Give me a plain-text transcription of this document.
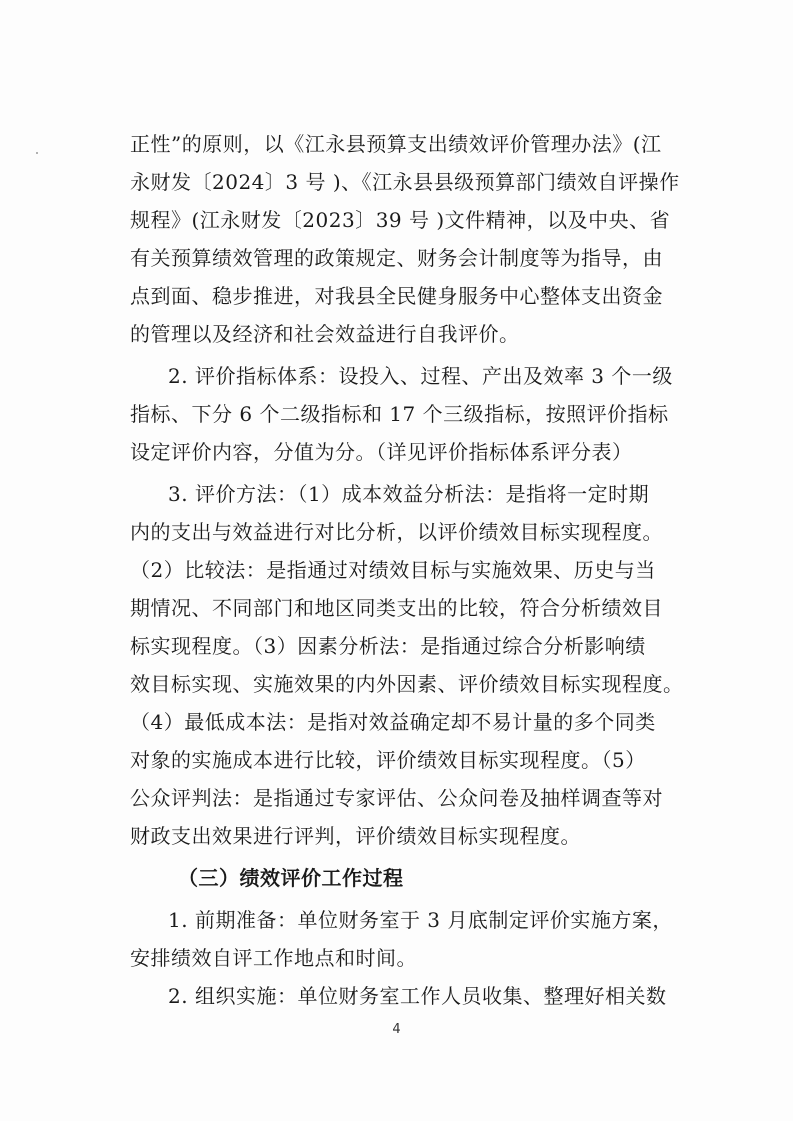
正性”的原则，以《江永县预算支出绩效评价管理办法》(江
永财发〔2024〕3 号 )、《江永县县级预算部门绩效自评操作
规程》(江永财发〔2023〕39 号 )文件精神，以及中央、省
有关预算绩效管理的政策规定、财务会计制度等为指导，由
点到面、稳步推进，对我县全民健身服务中心整体支出资金
的管理以及经济和社会效益进行自我评价。
2. 评价指标体系：设投入、过程、产出及效率 3 个一级
指标、下分 6 个二级指标和 17 个三级指标，按照评价指标
设定评价内容，分值为分。（详见评价指标体系评分表）
3. 评价方法：（1）成本效益分析法：是指将一定时期
内的支出与效益进行对比分析，以评价绩效目标实现程度。
（2）比较法：是指通过对绩效目标与实施效果、历史与当
期情况、不同部门和地区同类支出的比较，符合分析绩效目
标实现程度。（3）因素分析法：是指通过综合分析影响绩
效目标实现、实施效果的内外因素、评价绩效目标实现程度。
（4）最低成本法：是指对效益确定却不易计量的多个同类
对象的实施成本进行比较，评价绩效目标实现程度。（5）
公众评判法：是指通过专家评估、公众问卷及抽样调查等对
财政支出效果进行评判，评价绩效目标实现程度。
（三）绩效评价工作过程
1. 前期准备：单位财务室于 3 月底制定评价实施方案，
安排绩效自评工作地点和时间。
2. 组织实施：单位财务室工作人员收集、整理好相关数
4
